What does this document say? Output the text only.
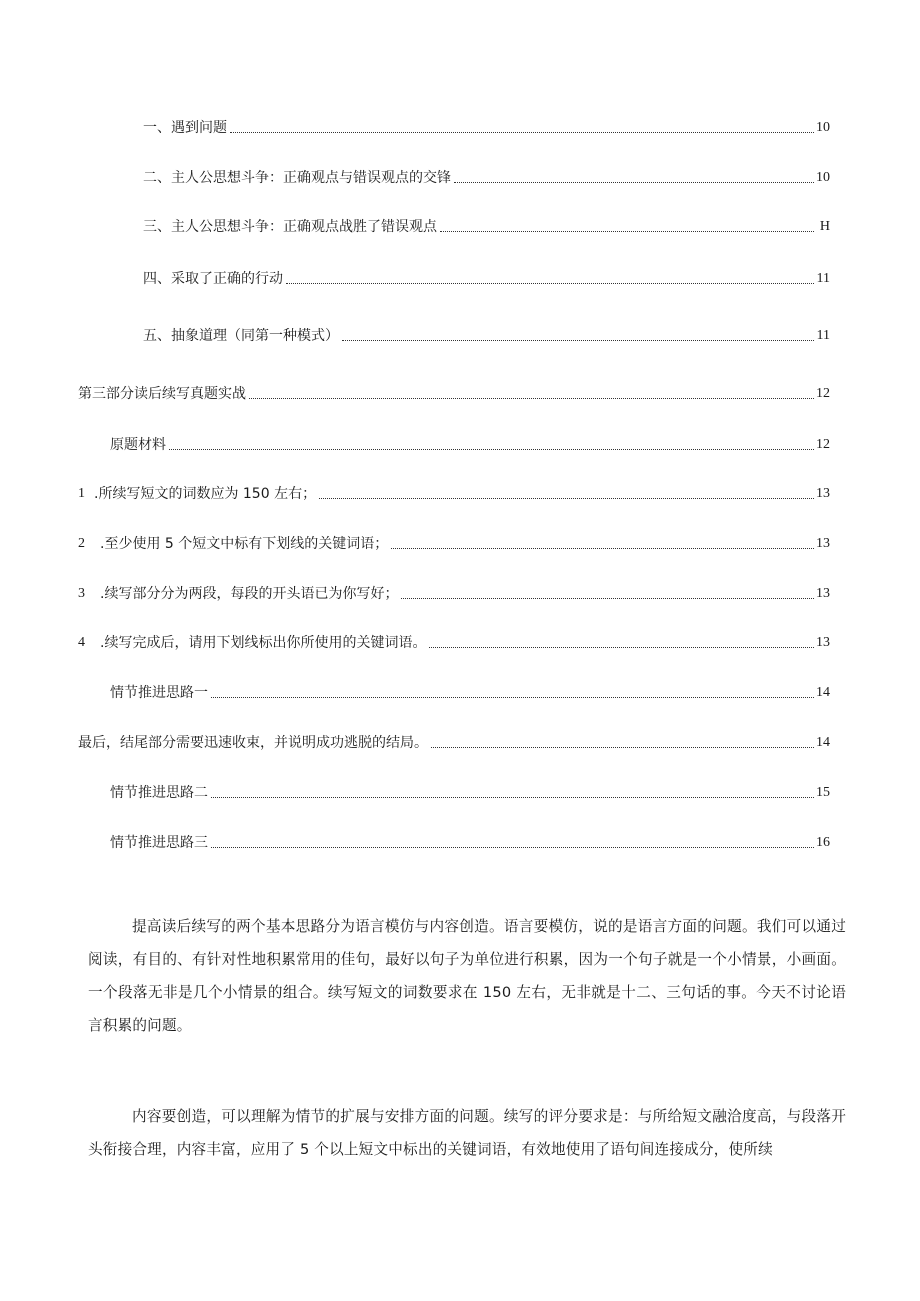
一、遇到问题	10
二、主人公思想斗争：正确观点与错误观点的交锋	10
三、主人公思想斗争：正确观点战胜了错误观点	H
四、采取了正确的行动	11
五、抽象道理（同第一种模式）	11
第三部分读后续写真题实战	12
原题材料	12
1 .所续写短文的词数应为 150 左右；	13
2	.至少使用 5 个短文中标有下划线的关键词语；	13
3	.续写部分分为两段，每段的开头语已为你写好；	13
4	.续写完成后，请用下划线标出你所使用的关键词语。	13
情节推进思路一	14
最后，结尾部分需要迅速收束，并说明成功逃脱的结局。	14
情节推进思路二	15
情节推进思路三	16

提高读后续写的两个基本思路分为语言模仿与内容创造。语言要模仿，说的是语言方面的问题。我们可以通过阅读，有目的、有针对性地积累常用的佳句，最好以句子为单位进行积累，因为一个句子就是一个小情景，小画面。一个段落无非是几个小情景的组合。续写短文的词数要求在 150 左右，无非就是十二、三句话的事。今天不讨论语言积累的问题。

内容要创造，可以理解为情节的扩展与安排方面的问题。续写的评分要求是：与所给短文融洽度高，与段落开头衔接合理，内容丰富，应用了 5 个以上短文中标出的关键词语，有效地使用了语句间连接成分，使所续
